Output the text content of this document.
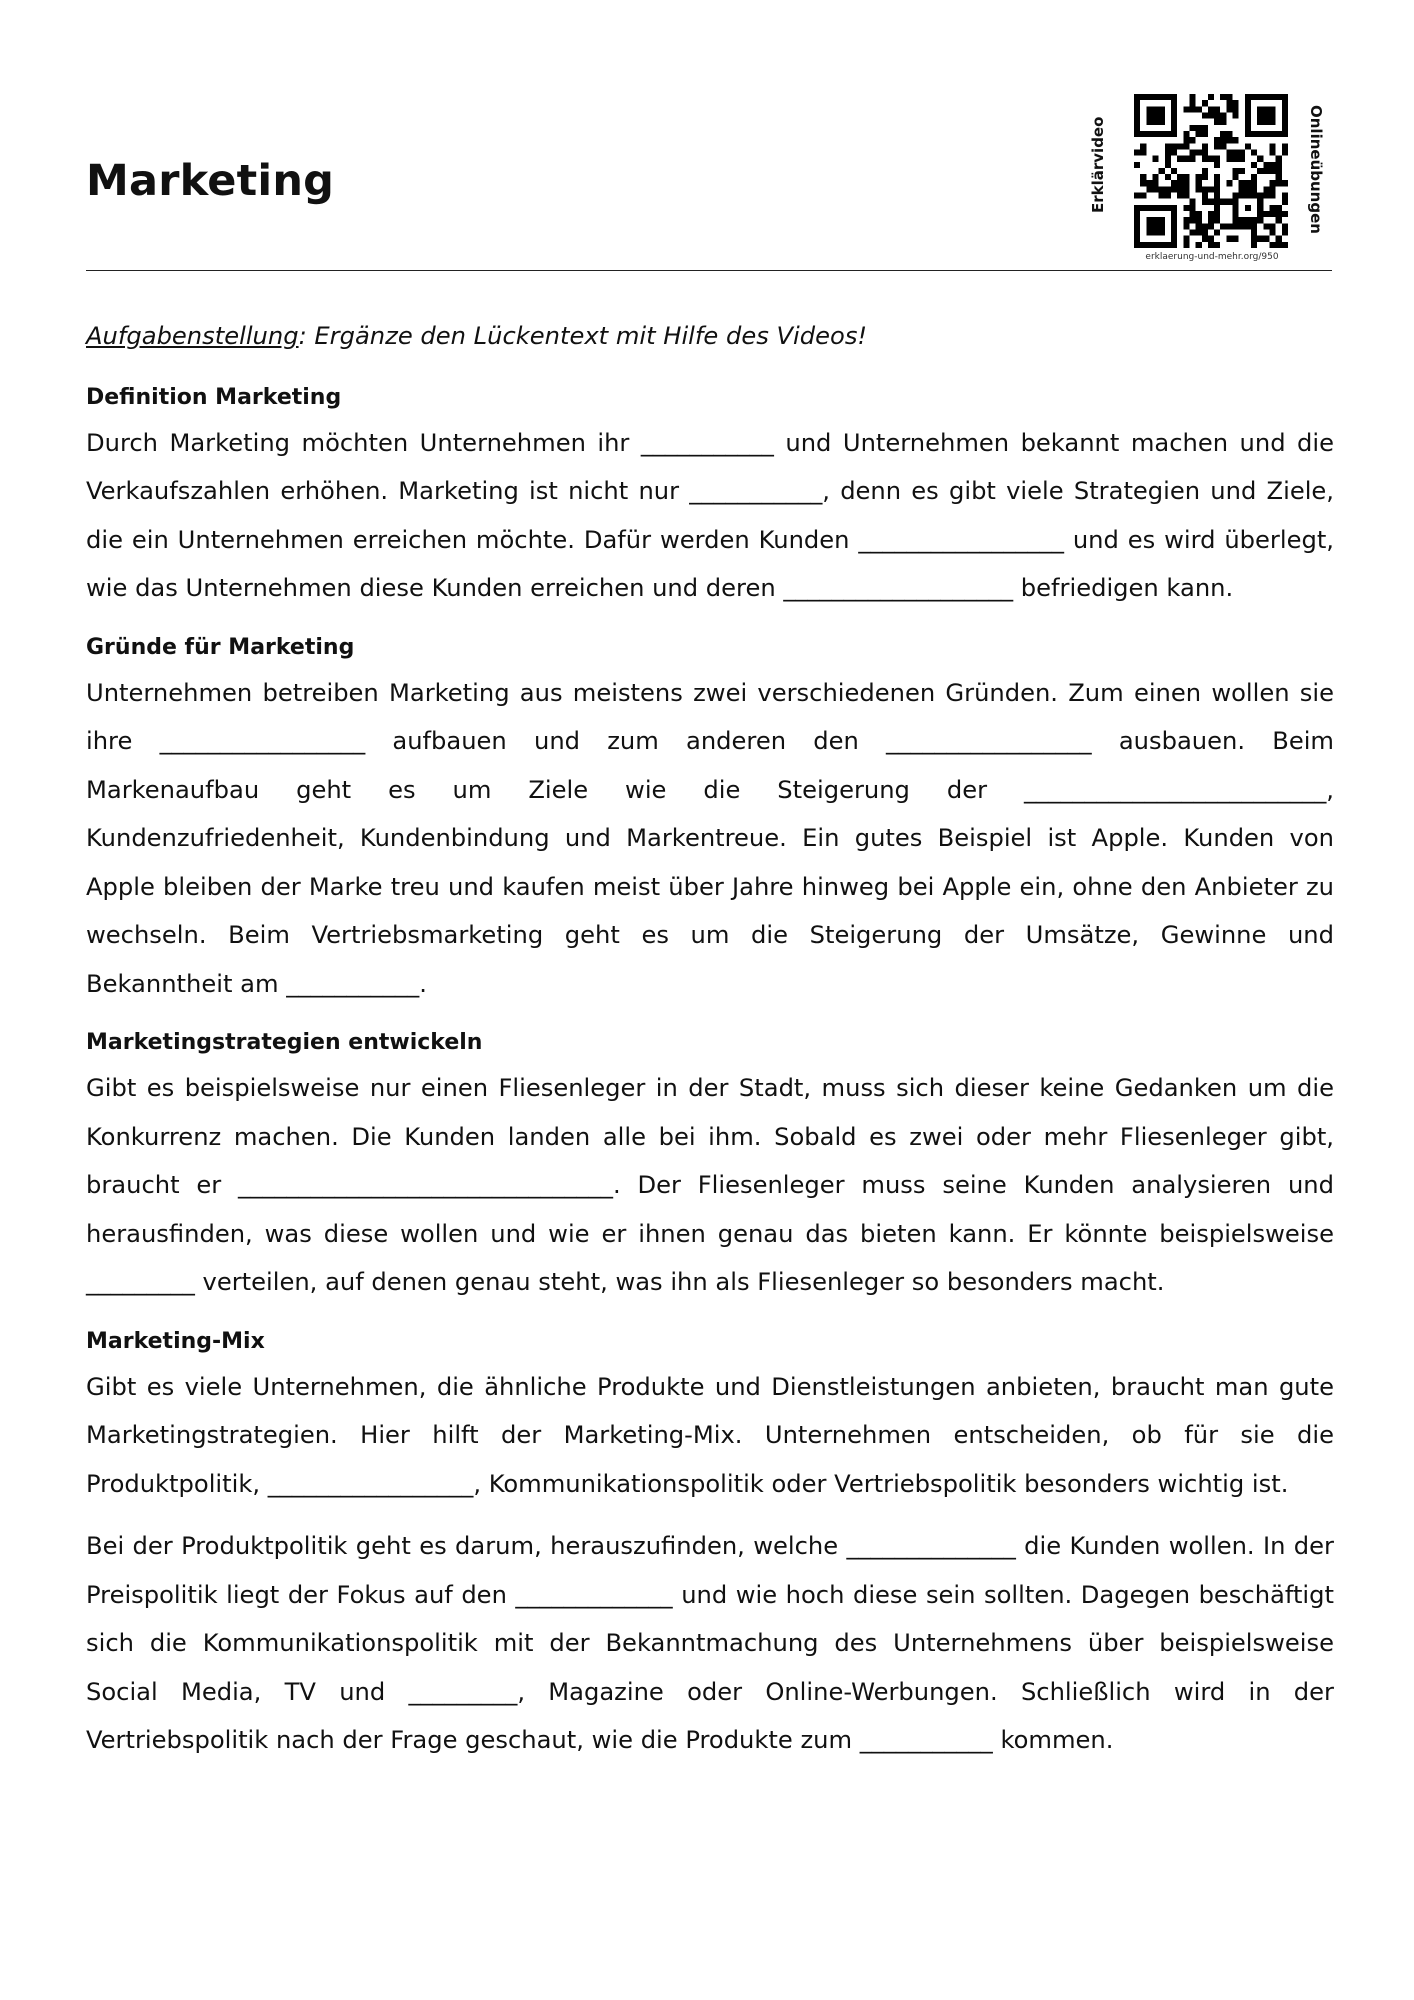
Marketing	Erklärvideo	Onlineübungen
erklaerung-und-mehr.org/950
Aufgabenstellung: Ergänze den Lückentext mit Hilfe des Videos!
Definition Marketing

Durch Marketing möchten Unternehmen ihr ___________ und Unternehmen bekannt machen und die Verkaufszahlen erhöhen. Marketing ist nicht nur ___________, denn es gibt viele Strategien und Ziele, die ein Unternehmen erreichen möchte. Dafür werden Kunden _________________ und es wird überlegt, wie das Unternehmen diese Kunden erreichen und deren ___________________ befriedigen kann.

Gründe für Marketing

Unternehmen betreiben Marketing aus meistens zwei verschiedenen Gründen. Zum einen wollen sie ihre _________________ aufbauen und zum anderen den _________________ ausbauen. Beim Markenaufbau geht es um Ziele wie die Steigerung der _________________________, Kundenzufriedenheit, Kundenbindung und Markentreue. Ein gutes Beispiel ist Apple. Kunden von Apple bleiben der Marke treu und kaufen meist über Jahre hinweg bei Apple ein, ohne den Anbieter zu wechseln. Beim Vertriebsmarketing geht es um die Steigerung der Umsätze, Gewinne und Bekanntheit am ___________.

Marketingstrategien entwickeln

Gibt es beispielsweise nur einen Fliesenleger in der Stadt, muss sich dieser keine Gedanken um die Konkurrenz machen. Die Kunden landen alle bei ihm. Sobald es zwei oder mehr Fliesenleger gibt, braucht er _______________________________. Der Fliesenleger muss seine Kunden analysieren und herausfinden, was diese wollen und wie er ihnen genau das bieten kann. Er könnte beispielsweise _________ verteilen, auf denen genau steht, was ihn als Fliesenleger so besonders macht.

Marketing-Mix

Gibt es viele Unternehmen, die ähnliche Produkte und Dienstleistungen anbieten, braucht man gute Marketingstrategien. Hier hilft der Marketing-Mix. Unternehmen entscheiden, ob für sie die Produktpolitik, _________________, Kommunikationspolitik oder Vertriebspolitik besonders wichtig ist.

Bei der Produktpolitik geht es darum, herauszufinden, welche ______________ die Kunden wollen. In der Preispolitik liegt der Fokus auf den _____________ und wie hoch diese sein sollten. Dagegen beschäftigt sich die Kommunikationspolitik mit der Bekanntmachung des Unternehmens über beispielsweise Social Media, TV und _________, Magazine oder Online-Werbungen. Schließlich wird in der Vertriebspolitik nach der Frage geschaut, wie die Produkte zum ___________ kommen.
